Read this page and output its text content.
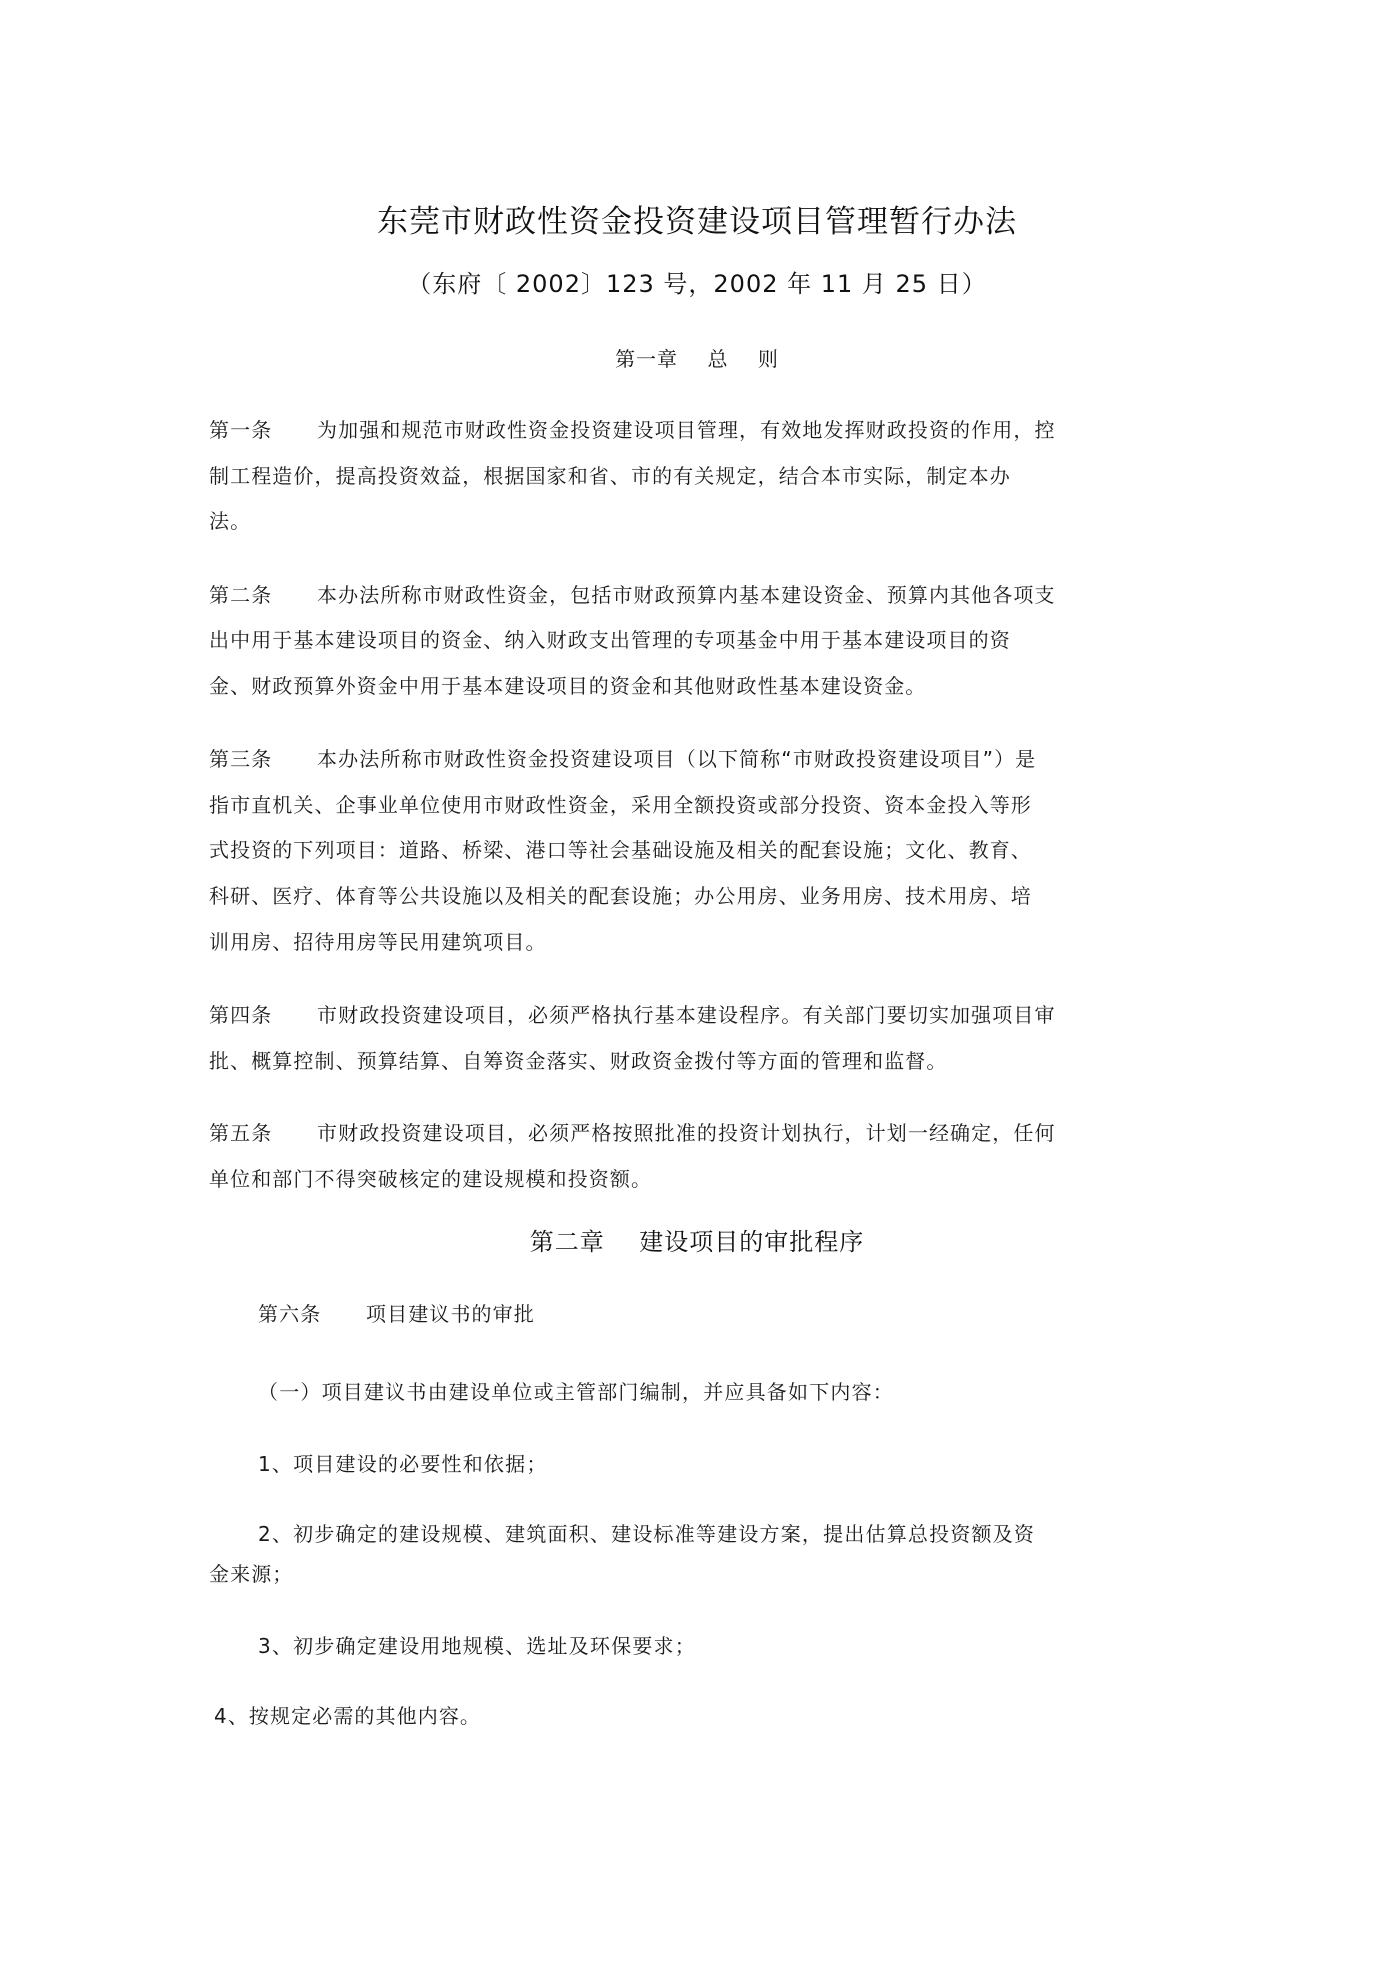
东莞市财政性资金投资建设项目管理暂行办法
（东府〔 2002〕123 号，2002 年 11 月 25 日）
第一章    总    则
第一条      为加强和规范市财政性资金投资建设项目管理，有效地发挥财政投资的作用，控
制工程造价，提高投资效益，根据国家和省、市的有关规定，结合本市实际，制定本办
法。
第二条      本办法所称市财政性资金，包括市财政预算内基本建设资金、预算内其他各项支
出中用于基本建设项目的资金、纳入财政支出管理的专项基金中用于基本建设项目的资
金、财政预算外资金中用于基本建设项目的资金和其他财政性基本建设资金。
第三条      本办法所称市财政性资金投资建设项目（以下简称“市财政投资建设项目”）是
指市直机关、企事业单位使用市财政性资金，采用全额投资或部分投资、资本金投入等形
式投资的下列项目：道路、桥梁、港口等社会基础设施及相关的配套设施；文化、教育、
科研、医疗、体育等公共设施以及相关的配套设施；办公用房、业务用房、技术用房、培
训用房、招待用房等民用建筑项目。
第四条      市财政投资建设项目，必须严格执行基本建设程序。有关部门要切实加强项目审
批、概算控制、预算结算、自筹资金落实、财政资金拨付等方面的管理和监督。
第五条      市财政投资建设项目，必须严格按照批准的投资计划执行，计划一经确定，任何
单位和部门不得突破核定的建设规模和投资额。
第二章    建设项目的审批程序
第六条      项目建议书的审批
（一）项目建议书由建设单位或主管部门编制，并应具备如下内容：
1、项目建设的必要性和依据；
2、初步确定的建设规模、建筑面积、建设标准等建设方案，提出估算总投资额及资
金来源；
3、初步确定建设用地规模、选址及环保要求；
4、按规定必需的其他内容。
